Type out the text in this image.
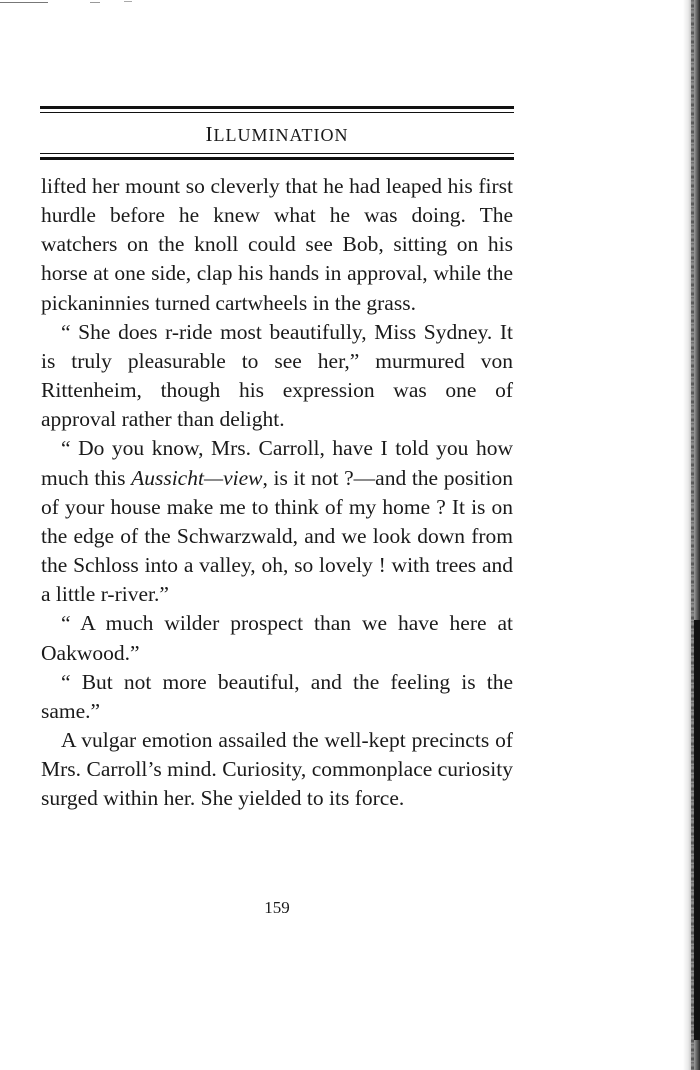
ILLUMINATION

lifted her mount so cleverly that he had leaped his first hurdle before he knew what he was doing. The watchers on the knoll could see Bob, sitting on his horse at one side, clap his hands in approval, while the pickaninnies turned cartwheels in the grass.

“ She does r-ride most beautifully, Miss Sydney. It is truly pleasurable to see her,” murmured von Rittenheim, though his expression was one of approval rather than delight.

“ Do you know, Mrs. Carroll, have I told you how much this Aussicht—view, is it not ?—and the position of your house make me to think of my home ? It is on the edge of the Schwarzwald, and we look down from the Schloss into a valley, oh, so lovely ! with trees and a little r-river.”

“ A much wilder prospect than we have here at Oakwood.”

“ But not more beautiful, and the feeling is the same.”

A vulgar emotion assailed the well-kept precincts of Mrs. Carroll’s mind. Curiosity, commonplace curiosity surged within her. She yielded to its force.

159
